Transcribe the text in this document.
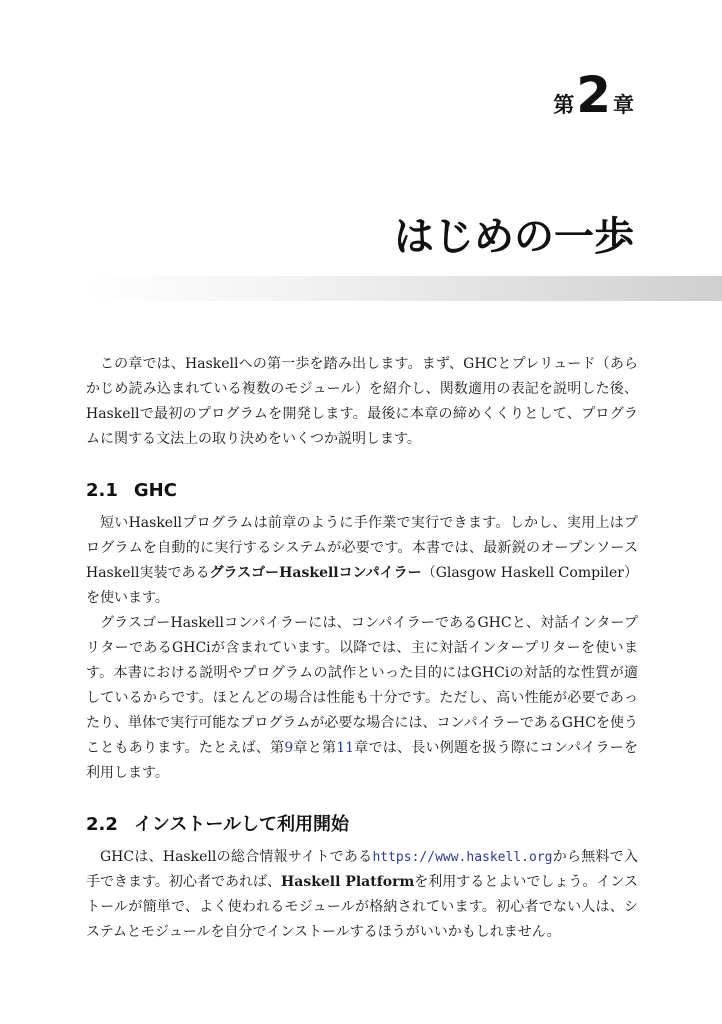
第 2 章
はじめの一歩

この章では、Haskellへの第一歩を踏み出します。まず、GHCとプレリュード（あらかじめ読み込まれている複数のモジュール）を紹介し、関数適用の表記を説明した後、Haskellで最初のプログラムを開発します。最後に本章の締めくくりとして、プログラムに関する文法上の取り決めをいくつか説明します。

2.1 GHC

短いHaskellプログラムは前章のように手作業で実行できます。しかし、実用上はプログラムを自動的に実行するシステムが必要です。本書では、最新鋭のオープンソースHaskell実装であるグラスゴーHaskellコンパイラー（Glasgow Haskell Compiler）を使います。

グラスゴーHaskellコンパイラーには、コンパイラーであるGHCと、対話インタープリターであるGHCiが含まれています。以降では、主に対話インタープリターを使います。本書における説明やプログラムの試作といった目的にはGHCiの対話的な性質が適しているからです。ほとんどの場合は性能も十分です。ただし、高い性能が必要であったり、単体で実行可能なプログラムが必要な場合には、コンパイラーであるGHCを使うこともあります。たとえば、第9章と第11章では、長い例題を扱う際にコンパイラーを利用します。

2.2 インストールして利用開始

GHCは、Haskellの総合情報サイトであるhttps://www.haskell.orgから無料で入手できます。初心者であれば、Haskell Platformを利用するとよいでしょう。インストールが簡単で、よく使われるモジュールが格納されています。初心者でない人は、システムとモジュールを自分でインストールするほうがいいかもしれません。
